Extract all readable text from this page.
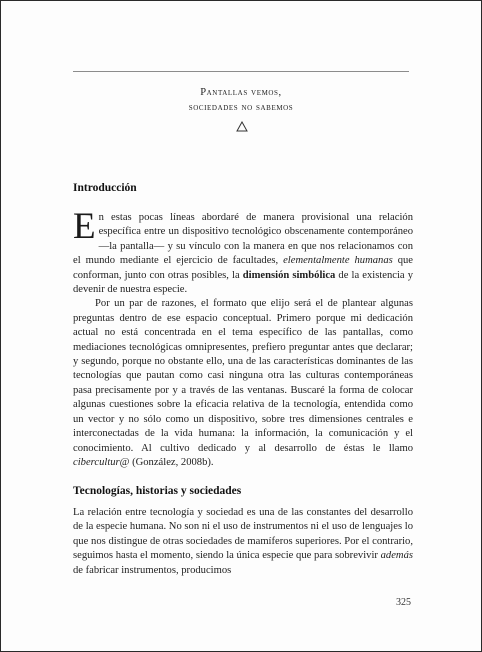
Pantallas vemos,
sociedades no sabemos
Introducción

En estas pocas líneas abordaré de manera provisional una relación específica entre un dispositivo tecnológico obscenamente contemporáneo —la pantalla— y su vínculo con la manera en que nos relacionamos con el mundo mediante el ejercicio de facultades, elementalmente humanas que conforman, junto con otras posibles, la dimensión simbólica de la existencia y devenir de nuestra especie.

Por un par de razones, el formato que elijo será el de plantear algunas preguntas dentro de ese espacio conceptual. Primero porque mi dedicación actual no está concentrada en el tema específico de las pantallas, como mediaciones tecnológicas omnipresentes, prefiero preguntar antes que declarar; y segundo, porque no obstante ello, una de las características dominantes de las tecnologías que pautan como casi ninguna otra las culturas contemporáneas pasa precisamente por y a través de las ventanas. Buscaré la forma de colocar algunas cuestiones sobre la eficacia relativa de la tecnología, entendida como un vector y no sólo como un dispositivo, sobre tres dimensiones centrales e interconectadas de la vida humana: la información, la comunicación y el conocimiento. Al cultivo dedicado y al desarrollo de éstas le llamo cibercultur@ (González, 2008b).

Tecnologías, historias y sociedades

La relación entre tecnología y sociedad es una de las constantes del desarrollo de la especie humana. No son ni el uso de instrumentos ni el uso de lenguajes lo que nos distingue de otras sociedades de mamíferos superiores. Por el contrario, seguimos hasta el momento, siendo la única especie que para sobrevivir además de fabricar instrumentos, producimos

325
